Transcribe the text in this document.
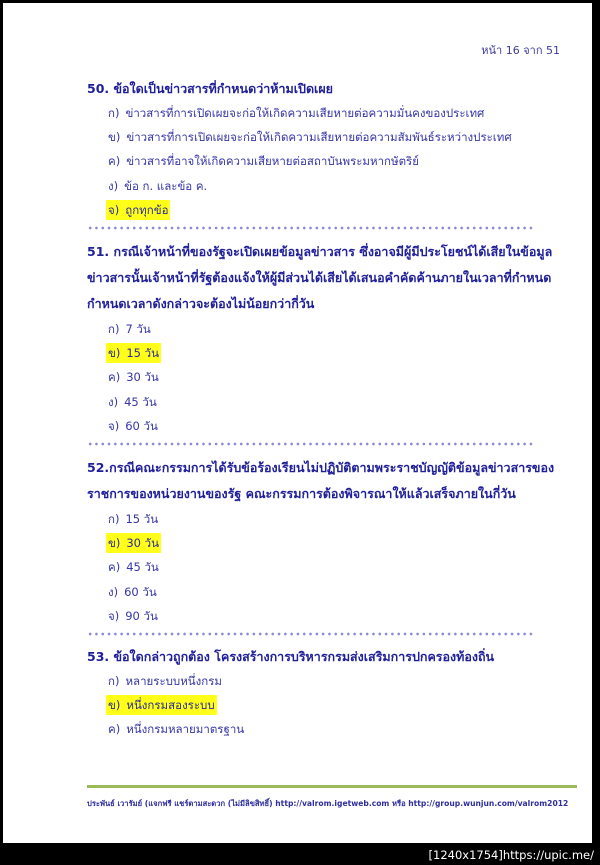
หน้า 16 จาก 51

50. ข้อใดเป็นข่าวสารที่กำหนดว่าห้ามเปิดเผย

ก) ข่าวสารที่การเปิดเผยจะก่อให้เกิดความเสียหายต่อความมั่นคงของประเทศ
ข) ข่าวสารที่การเปิดเผยจะก่อให้เกิดความเสียหายต่อความสัมพันธ์ระหว่างประเทศ
ค) ข่าวสารที่อาจให้เกิดความเสียหายต่อสถาบันพระมหากษัตริย์
ง) ข้อ ก. และข้อ ค.
จ) ถูกทุกข้อ

51. กรณีเจ้าหน้าที่ของรัฐจะเปิดเผยข้อมูลข่าวสาร ซึ่งอาจมีผู้มีประโยชน์ได้เสียในข้อมูลข่าวสารนั้นเจ้าหน้าที่รัฐต้องแจ้งให้ผู้มีส่วนได้เสียได้เสนอคำคัดค้านภายในเวลาที่กำหนด กำหนดเวลาดังกล่าวจะต้องไม่น้อยกว่ากี่วัน

ก) 7 วัน
ข) 15 วัน
ค) 30 วัน
ง) 45 วัน
จ) 60 วัน

52.กรณีคณะกรรมการได้รับข้อร้องเรียนไม่ปฏิบัติตามพระราชบัญญัติข้อมูลข่าวสารของราชการของหน่วยงานของรัฐ คณะกรรมการต้องพิจารณาให้แล้วเสร็จภายในกี่วัน

ก) 15 วัน
ข) 30 วัน
ค) 45 วัน
ง) 60 วัน
จ) 90 วัน

53. ข้อใดกล่าวถูกต้อง โครงสร้างการบริหารกรมส่งเสริมการปกครองท้องถิ่น

ก) หลายระบบหนึ่งกรม
ข) หนึ่งกรมสองระบบ
ค) หนึ่งกรมหลายมาตรฐาน
ประพันธ์ เวารัมย์ (แจกฟรี แชร์ตามสะดวก (ไม่มีลิขสิทธิ์) http://valrom.igetweb.com หรือ http://group.wunjun.com/valrom2012
[1240x1754]https://upic.me/
